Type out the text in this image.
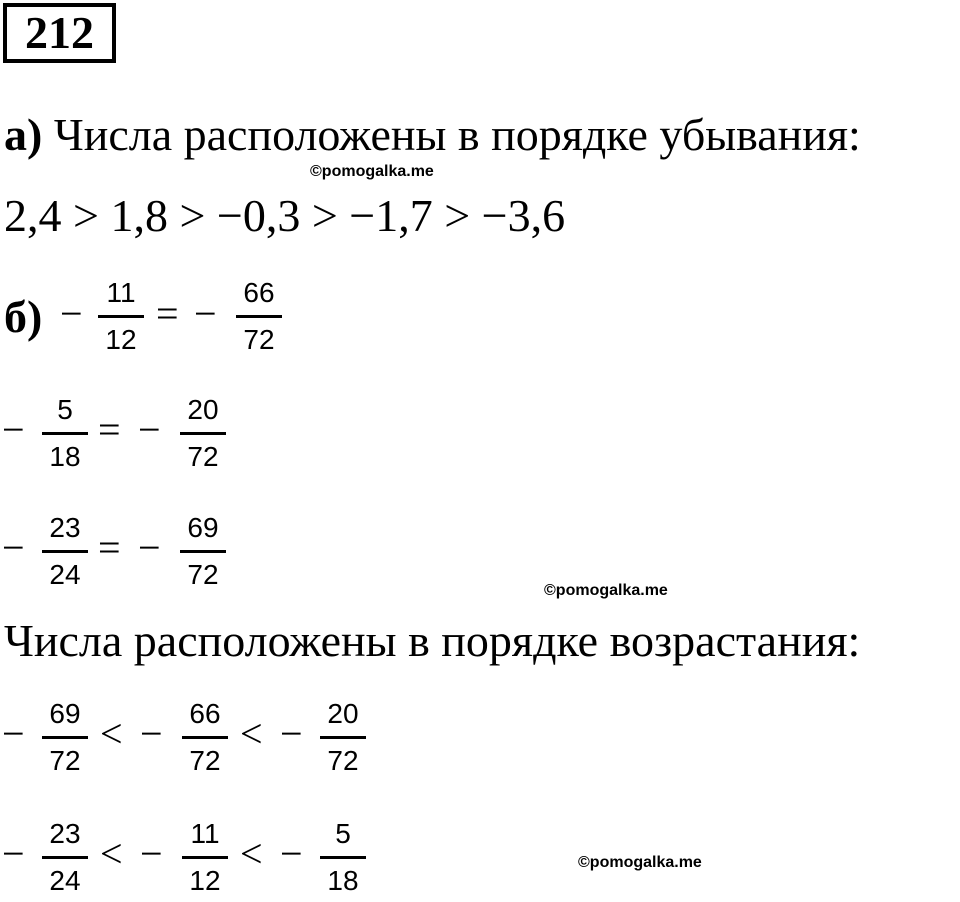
212
а) Числа расположены в порядке убывания:
©pomogalka.me
2,4 > 1,8 > −0,3 > −1,7 > −3,6
б) − 11
12
= − 66
72
−	5
18
= − 20
72
− 23
24
= − 69
72
©pomogalka.me
Числа расположены в порядке возрастания:
− 69
72
< − 66
72
< − 20
72
− 23
24
< − 11
12
< −	5
18
©pomogalka.me
